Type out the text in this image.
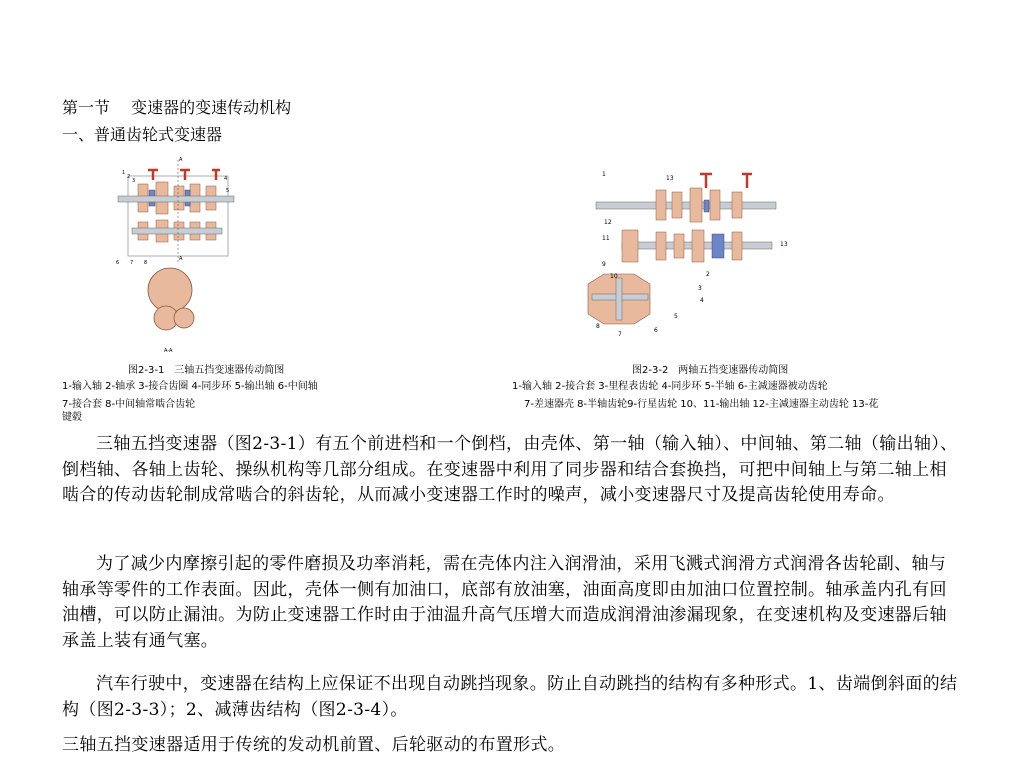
第一节　 变速器的变速传动机构
一、普通齿轮式变速器
A
A
1
2
3	4
5
6 7 8
A-A
1
2
3
4
5
6
7
8
9
10
11
12
13
13
图2-3-1　三轴五挡变速器传动简图
1-输入轴 2-轴承 3-接合齿圈 4-同步环 5-输出轴 6-中间轴
7-接合套 8-中间轴常啮合齿轮
图2-3-2　两轴五挡变速器传动简图
1-输入轴 2-接合套 3-里程表齿轮 4-同步环 5-半轴 6-主减速器被动齿轮
7-差速器壳 8-半轴齿轮9-行星齿轮 10、11-输出轴 12-主减速器主动齿轮 13-花
键毂

三轴五挡变速器（图2-3-1）有五个前进档和一个倒档，由壳体、第一轴（输入轴）、中间轴、第二轴（输出轴）、倒档轴、各轴上齿轮、操纵机构等几部分组成。在变速器中利用了同步器和结合套换挡，可把中间轴上与第二轴上相啮合的传动齿轮制成常啮合的斜齿轮，从而减小变速器工作时的噪声，减小变速器尺寸及提高齿轮使用寿命。

为了减少内摩擦引起的零件磨损及功率消耗，需在壳体内注入润滑油，采用飞溅式润滑方式润滑各齿轮副、轴与轴承等零件的工作表面。因此，壳体一侧有加油口，底部有放油塞，油面高度即由加油口位置控制。轴承盖内孔有回油槽，可以防止漏油。为防止变速器工作时由于油温升高气压增大而造成润滑油渗漏现象，在变速机构及变速器后轴承盖上装有通气塞。

汽车行驶中，变速器在结构上应保证不出现自动跳挡现象。防止自动跳挡的结构有多种形式。1、齿端倒斜面的结构（图2-3-3）；2、减薄齿结构（图2-3-4）。

三轴五挡变速器适用于传统的发动机前置、后轮驱动的布置形式。
